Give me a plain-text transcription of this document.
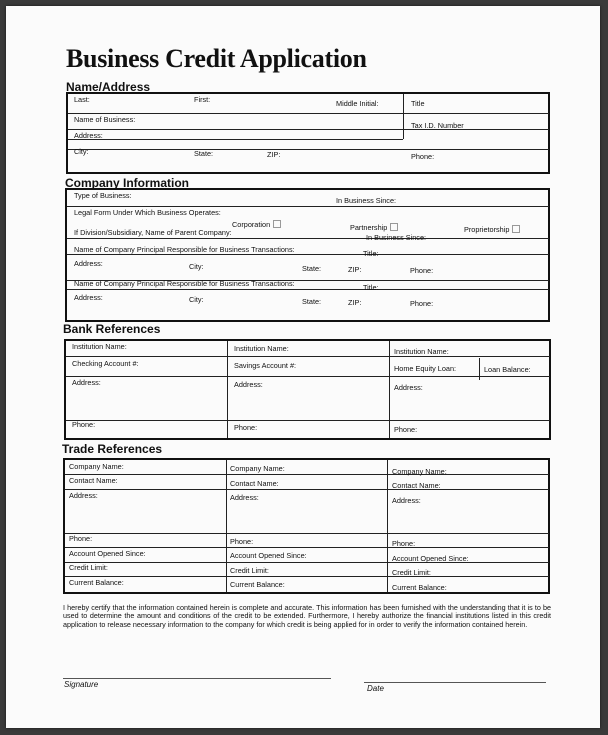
Business Credit Application
Name/Address
Last:	First:	Middle Initial:	Title
Name of Business:
Tax I.D. Number
Address:
City:	State:	ZIP:	Phone:
Company Information
Type of Business:
In Business Since:
Legal Form Under Which Business Operates:
Corporation	Partnership	Proprietorship
If Division/Subsidiary, Name of Parent Company:
In Business Since:
Name of Company Principal Responsible for Business Transactions:	Title:
Address:	City:	State:	ZIP:	Phone:
Name of Company Principal Responsible for Business Transactions:	Title:
Address:	City:	State:	ZIP:	Phone:
Bank References
Institution Name:	Institution Name:	Institution Name:
Checking Account #:	Savings Account #:	Home Equity Loan:	Loan Balance:
Address:	Address:	Address:
Phone:	Phone:	Phone:
Trade References
Company Name:	Company Name:	Company Name:
Contact Name:	Contact Name:	Contact Name:
Address:	Address:	Address:
Phone:	Phone:	Phone:
Account Opened Since:	Account Opened Since:	Account Opened Since:
Credit Limit:	Credit Limit:	Credit Limit:
Current Balance:	Current Balance:	Current Balance:
I hereby certify that the information contained herein is complete and accurate. This information has been furnished with the understanding that it is to be used to determine the amount and conditions of the credit to be extended. Furthermore, I hereby authorize the financial institutions listed in this credit application to release necessary information to the company for which credit is being applied for in order to verify the information contained herein.
Signature	Date
